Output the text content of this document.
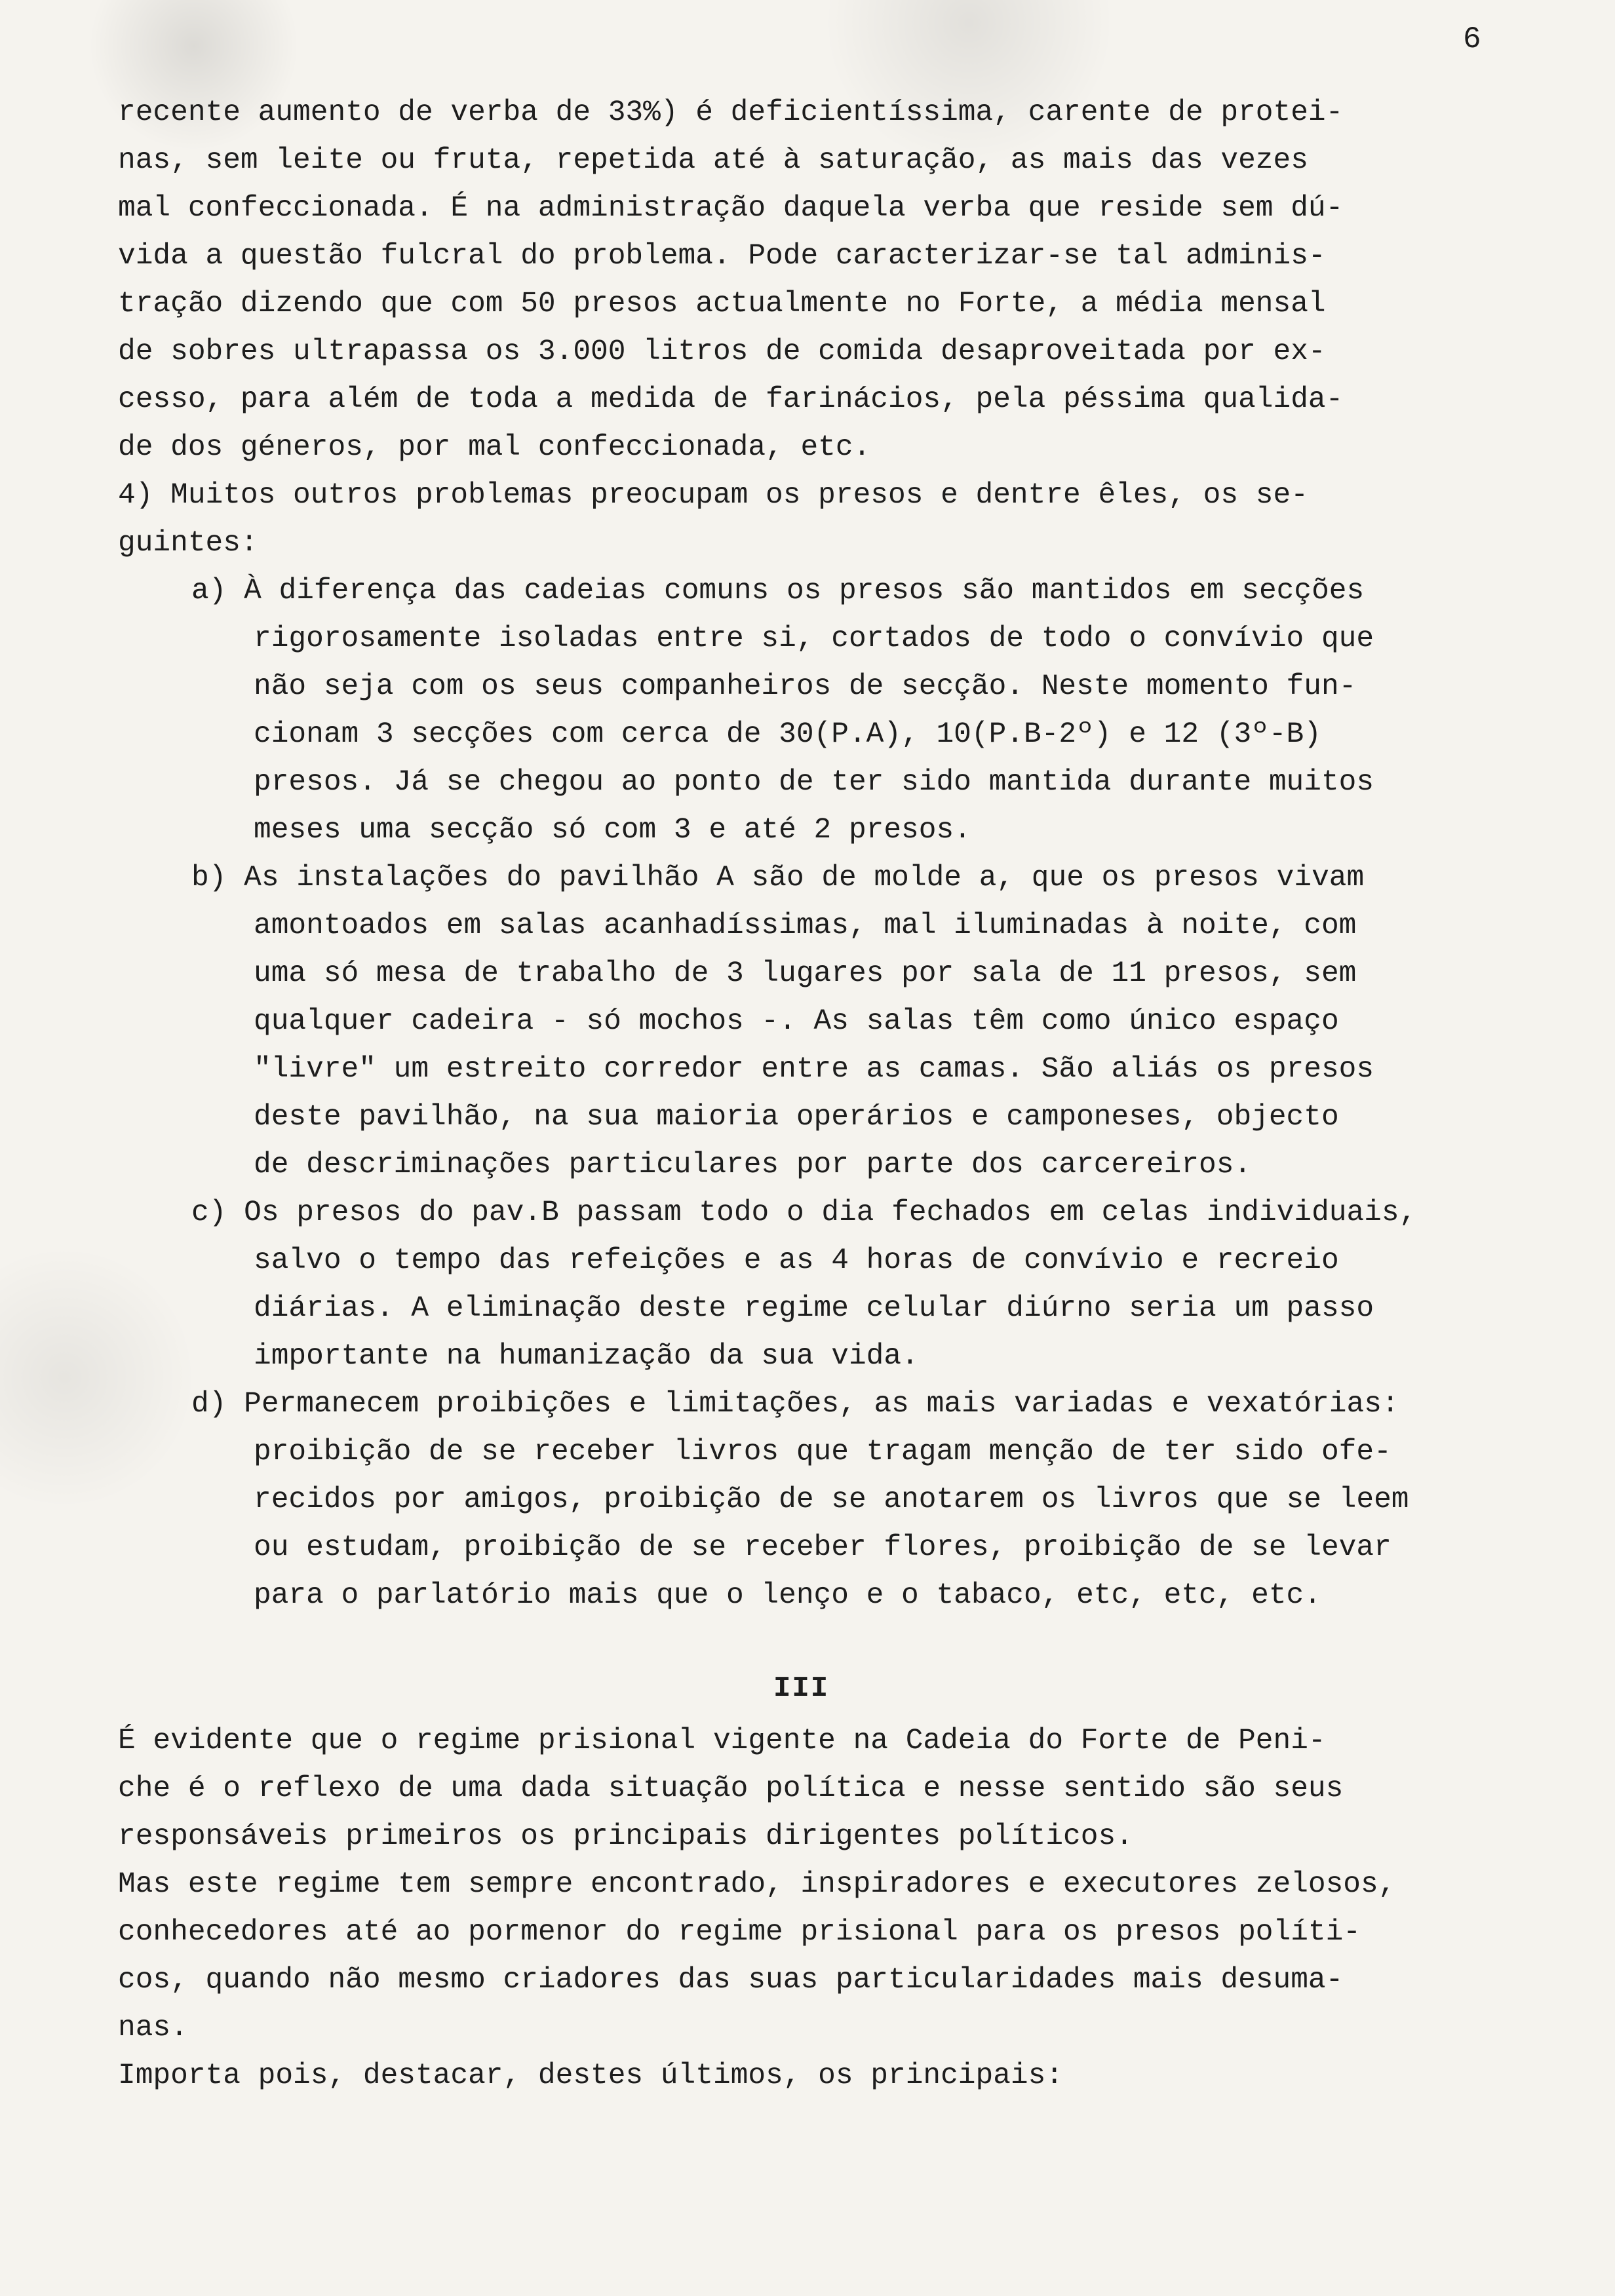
6
recente aumento de verba de 33%) é deficientíssima, carente de protei-
nas, sem leite ou fruta, repetida até à saturação, as mais das vezes
mal confeccionada. É na administração daquela verba que reside sem dú-
vida a questão fulcral do problema. Pode caracterizar-se tal adminis-
tração dizendo que com 50 presos actualmente no Forte, a média mensal
de sobres ultrapassa os 3.000 litros de comida desaproveitada por ex-
cesso, para além de toda a medida de farinácios, pela péssima qualida-
de dos géneros, por mal confeccionada, etc.
4) Muitos outros problemas preocupam os presos e dentre êles, os se-
guintes:
a) À diferença das cadeias comuns os presos são mantidos em secções
rigorosamente isoladas entre si, cortados de todo o convívio que
não seja com os seus companheiros de secção. Neste momento fun-
cionam 3 secções com cerca de 30(P.A), 10(P.B-2º) e 12 (3º-B)
presos. Já se chegou ao ponto de ter sido mantida durante muitos
meses uma secção só com 3 e até 2 presos.
b) As instalações do pavilhão A são de molde a, que os presos vivam
amontoados em salas acanhadíssimas, mal iluminadas à noite, com
uma só mesa de trabalho de 3 lugares por sala de 11 presos, sem
qualquer cadeira - só mochos -. As salas têm como único espaço
"livre" um estreito corredor entre as camas. São aliás os presos
deste pavilhão, na sua maioria operários e camponeses, objecto
de descriminações particulares por parte dos carcereiros.
c) Os presos do pav.B passam todo o dia fechados em celas individuais,
salvo o tempo das refeições e as 4 horas de convívio e recreio
diárias. A eliminação deste regime celular diúrno seria um passo
importante na humanização da sua vida.
d) Permanecem proibições e limitações, as mais variadas e vexatórias:
proibição de se receber livros que tragam menção de ter sido ofe-
recidos por amigos, proibição de se anotarem os livros que se leem
ou estudam, proibição de se receber flores, proibição de se levar
para o parlatório mais que o lenço e o tabaco, etc, etc, etc.
III
É evidente que o regime prisional vigente na Cadeia do Forte de Peni-
che é o reflexo de uma dada situação política e nesse sentido são seus
responsáveis primeiros os principais dirigentes políticos.
Mas este regime tem sempre encontrado, inspiradores e executores zelosos,
conhecedores até ao pormenor do regime prisional para os presos políti-
cos, quando não mesmo criadores das suas particularidades mais desuma-
nas.
Importa pois, destacar, destes últimos, os principais:
